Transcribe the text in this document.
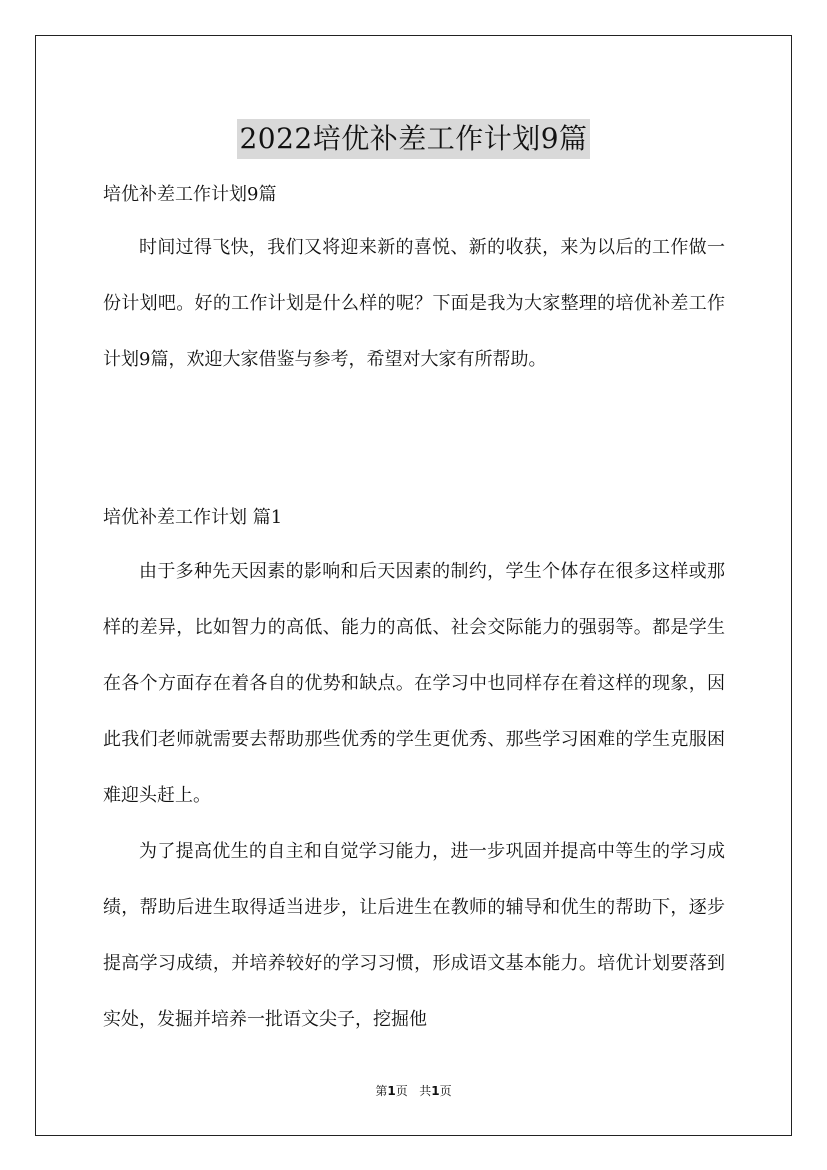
2022培优补差工作计划9篇

培优补差工作计划9篇

时间过得飞快，我们又将迎来新的喜悦、新的收获，来为以后的工作做一份计划吧。好的工作计划是什么样的呢？下面是我为大家整理的培优补差工作计划9篇，欢迎大家借鉴与参考，希望对大家有所帮助。

培优补差工作计划 篇1

由于多种先天因素的影响和后天因素的制约，学生个体存在很多这样或那样的差异，比如智力的高低、能力的高低、社会交际能力的强弱等。都是学生在各个方面存在着各自的优势和缺点。在学习中也同样存在着这样的现象，因此我们老师就需要去帮助那些优秀的学生更优秀、那些学习困难的学生克服困难迎头赶上。

为了提高优生的自主和自觉学习能力，进一步巩固并提高中等生的学习成绩，帮助后进生取得适当进步，让后进生在教师的辅导和优生的帮助下，逐步提高学习成绩，并培养较好的学习习惯，形成语文基本能力。培优计划要落到实处，发掘并培养一批语文尖子，挖掘他

第1页 共1页
